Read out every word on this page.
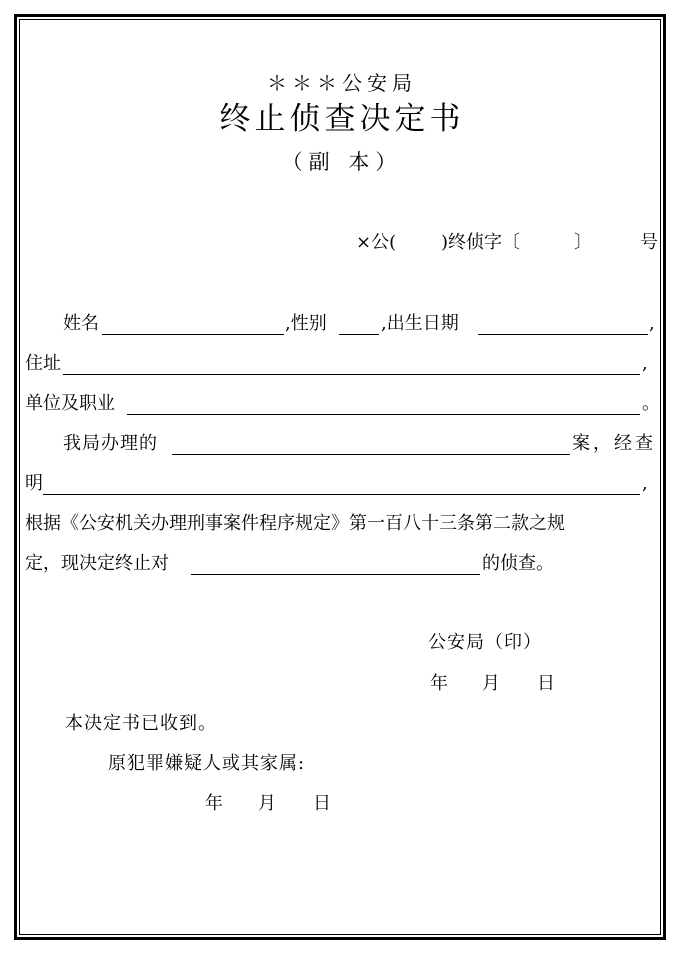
＊＊＊公安局
终止侦查决定书
（副 本）
×公( )终侦字〔	〕	号
姓名	,性别	,出生日期	,
住址	,
单位及职业	。
我局办理的	案，经查
明	,
根据《公安机关办理刑事案件程序规定》第一百八十三条第二款之规
定，现决定终止对	的侦查。
公安局（印）
年 月 日
本决定书已收到。
原犯罪嫌疑人或其家属:
年 月 日
